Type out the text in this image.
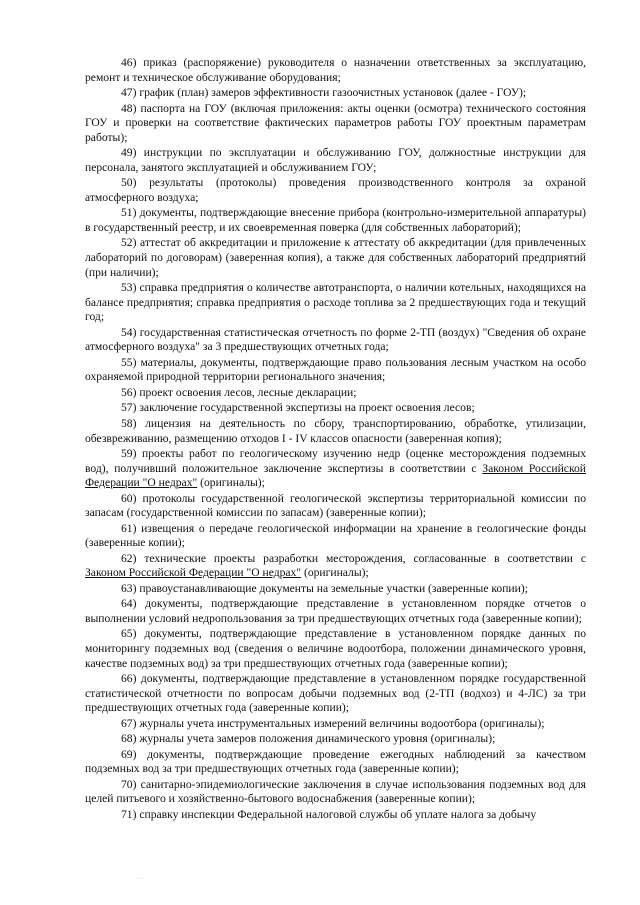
46) приказ (распоряжение) руководителя о назначении ответственных за эксплуатацию, ремонт и техническое обслуживание оборудования;

47) график (план) замеров эффективности газоочистных установок (далее - ГОУ);

48) паспорта на ГОУ (включая приложения: акты оценки (осмотра) технического состояния ГОУ и проверки на соответствие фактических параметров работы ГОУ проектным параметрам работы);

49) инструкции по эксплуатации и обслуживанию ГОУ, должностные инструкции для персонала, занятого эксплуатацией и обслуживанием ГОУ;

50) результаты (протоколы) проведения производственного контроля за охраной атмосферного воздуха;

51) документы, подтверждающие внесение прибора (контрольно-измерительной аппаратуры) в государственный реестр, и их своевременная поверка (для собственных лабораторий);

52) аттестат об аккредитации и приложение к аттестату об аккредитации (для привлеченных лабораторий по договорам) (заверенная копия), а также для собственных лабораторий предприятий (при наличии);

53) справка предприятия о количестве автотранспорта, о наличии котельных, находящихся на балансе предприятия; справка предприятия о расходе топлива за 2 предшествующих года и текущий год;

54) государственная статистическая отчетность по форме 2-ТП (воздух) "Сведения об охране атмосферного воздуха" за 3 предшествующих отчетных года;

55) материалы, документы, подтверждающие право пользования лесным участком на особо охраняемой природной территории регионального значения;

56) проект освоения лесов, лесные декларации;

57) заключение государственной экспертизы на проект освоения лесов;

58) лицензия на деятельность по сбору, транспортированию, обработке, утилизации, обезвреживанию, размещению отходов I - IV классов опасности (заверенная копия);

59) проекты работ по геологическому изучению недр (оценке месторождения подземных вод), получивший положительное заключение экспертизы в соответствии с Законом Российской Федерации "О недрах" (оригиналы);

60) протоколы государственной геологической экспертизы территориальной комиссии по запасам (государственной комиссии по запасам) (заверенные копии);

61) извещения о передаче геологической информации на хранение в геологические фонды (заверенные копии);

62) технические проекты разработки месторождения, согласованные в соответствии с Законом Российской Федерации "О недрах" (оригиналы);

63) правоустанавливающие документы на земельные участки (заверенные копии);

64) документы, подтверждающие представление в установленном порядке отчетов о выполнении условий недропользования за три предшествующих отчетных года (заверенные копии);

65) документы, подтверждающие представление в установленном порядке данных по мониторингу подземных вод (сведения о величине водоотбора, положении динамического уровня, качестве подземных вод) за три предшествующих отчетных года (заверенные копии);

66) документы, подтверждающие представление в установленном порядке государственной статистической отчетности по вопросам добычи подземных вод (2-ТП (водхоз) и 4-ЛС) за три предшествующих отчетных года (заверенные копии);

67) журналы учета инструментальных измерений величины водоотбора (оригиналы);

68) журналы учета замеров положения динамического уровня (оригиналы);

69) документы, подтверждающие проведение ежегодных наблюдений за качеством подземных вод за три предшествующих отчетных года (заверенные копии);

70) санитарно-эпидемиологические заключения в случае использования подземных вод для целей питьевого и хозяйственно-бытового водоснабжения (заверенные копии);

71) справку инспекции Федеральной налоговой службы об уплате налога за добычу

· · ·
